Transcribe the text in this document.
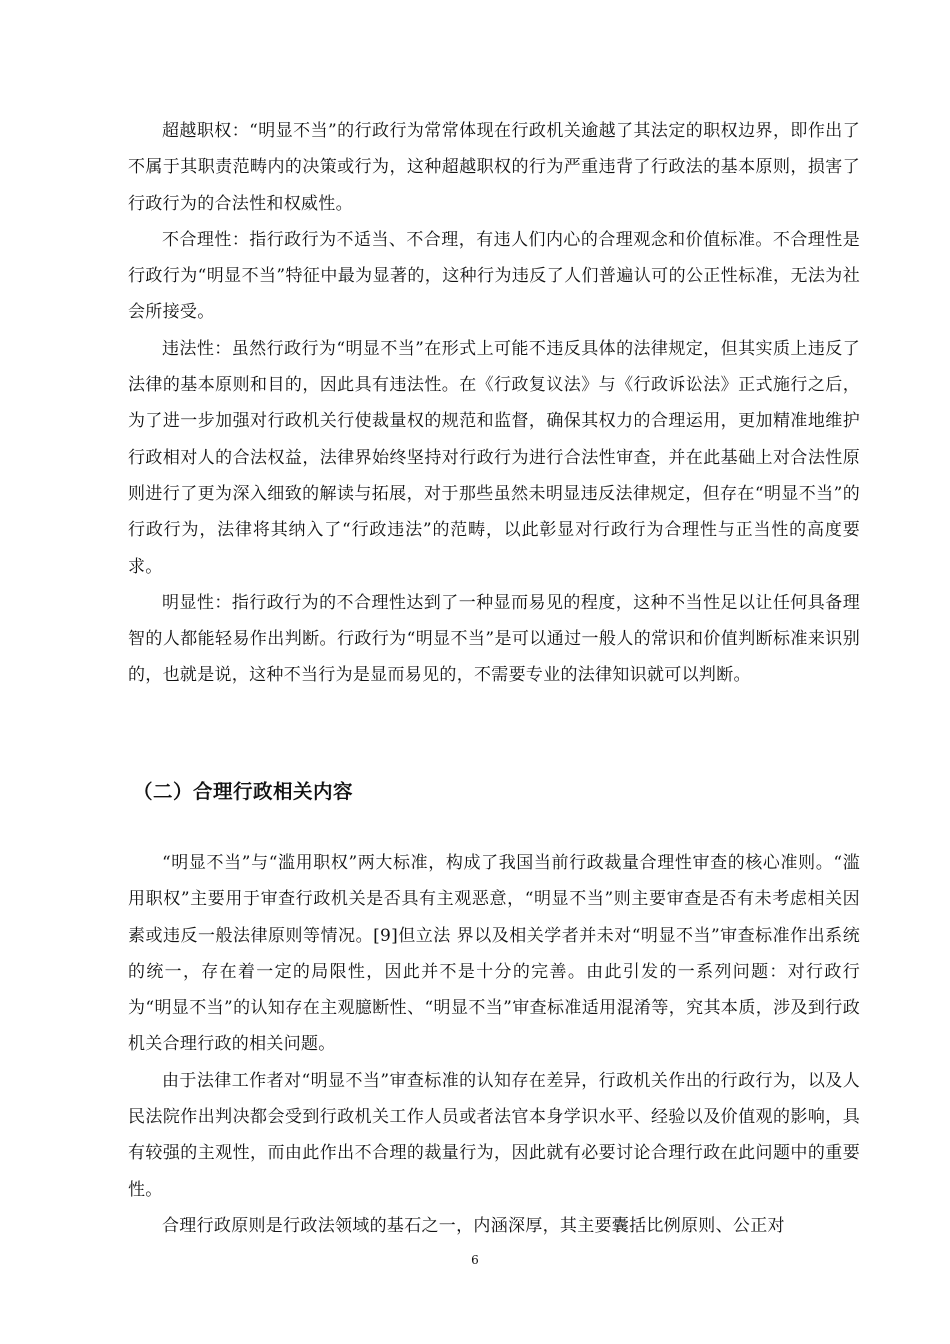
超越职权：“明显不当”的行政行为常常体现在行政机关逾越了其法定的职权边界，即作出了不属于其职责范畴内的决策或行为，这种超越职权的行为严重违背了行政法的基本原则，损害了行政行为的合法性和权威性。

不合理性：指行政行为不适当、不合理，有违人们内心的合理观念和价值标准。不合理性是行政行为“明显不当”特征中最为显著的，这种行为违反了人们普遍认可的公正性标准，无法为社会所接受。

违法性：虽然行政行为“明显不当”在形式上可能不违反具体的法律规定，但其实质上违反了法律的基本原则和目的，因此具有违法性。在《行政复议法》与《行政诉讼法》正式施行之后，为了进一步加强对行政机关行使裁量权的规范和监督，确保其权力的合理运用，更加精准地维护行政相对人的合法权益，法律界始终坚持对行政行为进行合法性审查，并在此基础上对合法性原则进行了更为深入细致的解读与拓展，对于那些虽然未明显违反法律规定，但存在“明显不当”的行政行为，法律将其纳入了“行政违法”的范畴，以此彰显对行政行为合理性与正当性的高度要求。

明显性：指行政行为的不合理性达到了一种显而易见的程度，这种不当性足以让任何具备理智的人都能轻易作出判断。行政行为“明显不当”是可以通过一般人的常识和价值判断标准来识别的，也就是说，这种不当行为是显而易见的，不需要专业的法律知识就可以判断。

（二）合理行政相关内容

“明显不当”与“滥用职权”两大标准，构成了我国当前行政裁量合理性审查的核心准则。“滥用职权”主要用于审查行政机关是否具有主观恶意，“明显不当”则主要审查是否有未考虑相关因素或违反一般法律原则等情况。[9]但立法 界以及相关学者并未对“明显不当”审查标准作出系统的统一，存在着一定的局限性，因此并不是十分的完善。由此引发的一系列问题：对行政行为“明显不当”的认知存在主观臆断性、“明显不当”审查标准适用混淆等，究其本质，涉及到行政机关合理行政的相关问题。

由于法律工作者对“明显不当”审查标准的认知存在差异，行政机关作出的行政行为，以及人民法院作出判决都会受到行政机关工作人员或者法官本身学识水平、经验以及价值观的影响，具有较强的主观性，而由此作出不合理的裁量行为，因此就有必要讨论合理行政在此问题中的重要性。

合理行政原则是行政法领域的基石之一，内涵深厚，其主要囊括比例原则、公正对

6
